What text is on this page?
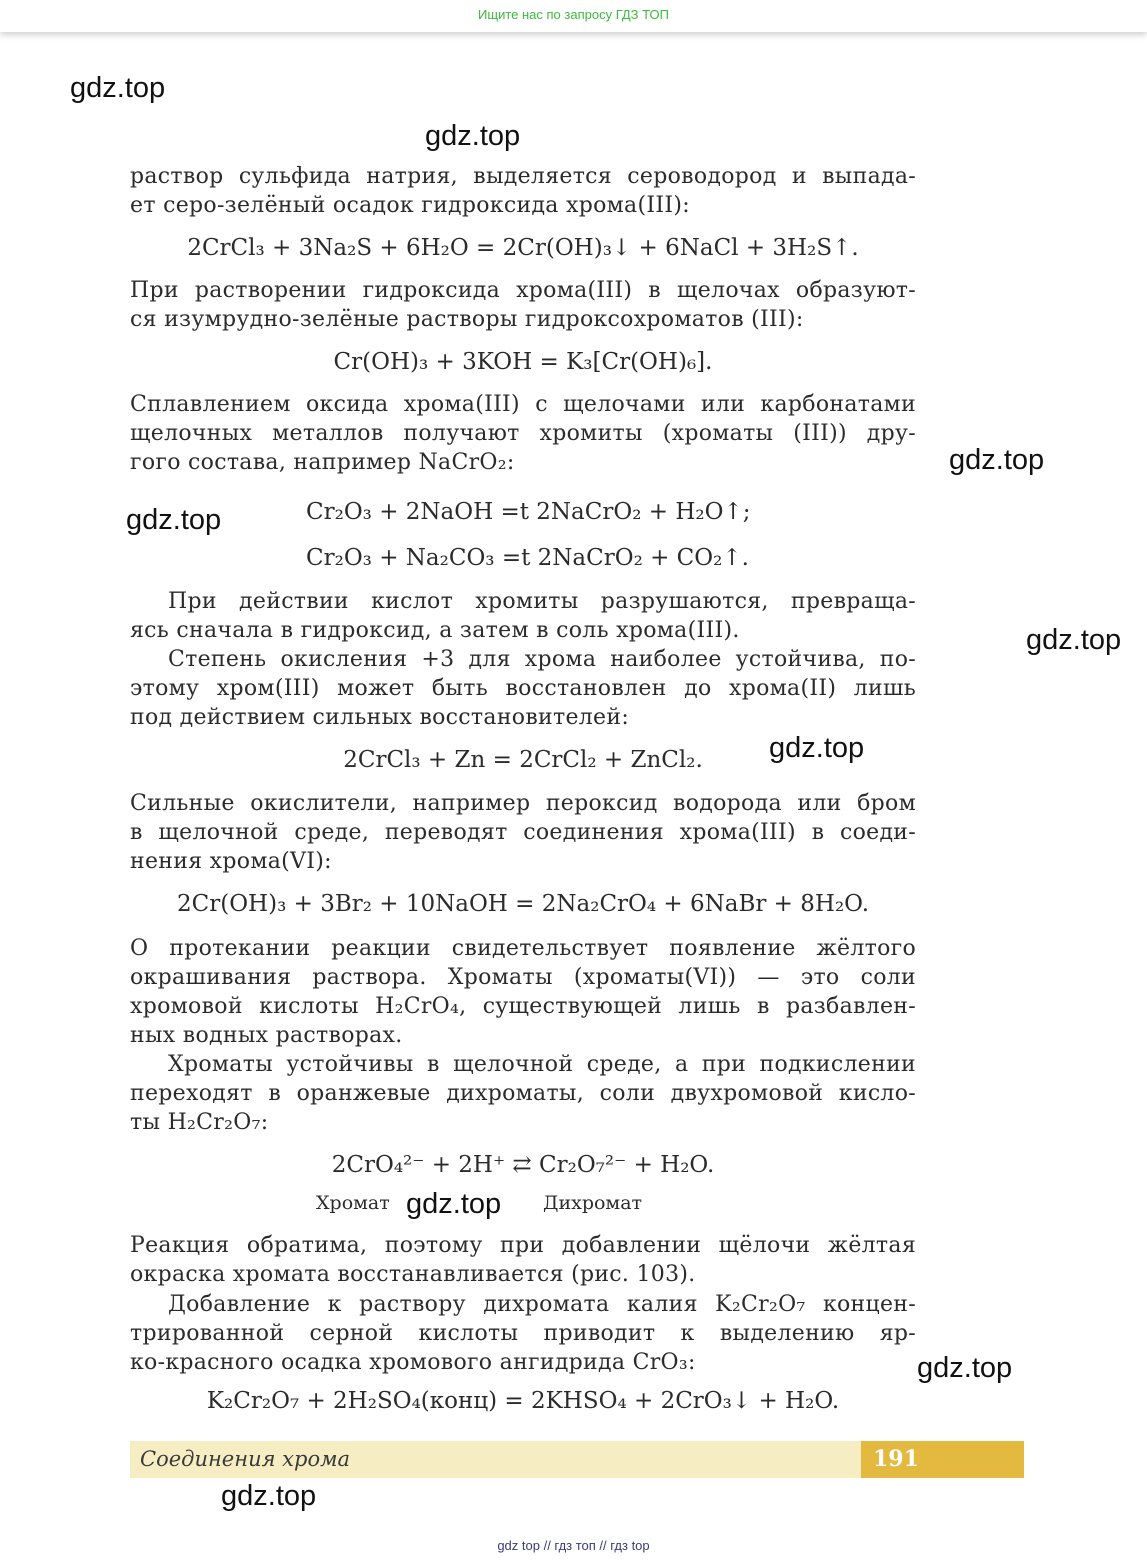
Ищите нас по запросу ГДЗ ТОП
gdz.top
gdz.top
gdz.top
gdz.top
gdz.top
gdz.top
gdz.top
gdz.top
gdz.top
раствор сульфида натрия, выделяется сероводород и выпада-
ет серо-зелёный осадок гидроксида хрома(III):
2CrCl₃ + 3Na₂S + 6H₂O = 2Cr(OH)₃↓ + 6NaCl + 3H₂S↑.
При растворении гидроксида хрома(III) в щелочах образуют-
ся изумрудно-зелёные растворы гидроксохроматов (III):
Cr(OH)₃ + 3KOH = K₃[Cr(OH)₆].
Сплавлением оксида хрома(III) с щелочами или карбонатами
щелочных металлов получают хромиты (хроматы (III)) дру-
гого состава, например NaCrO₂:
Cr₂O₃ + 2NaOH =t 2NaCrO₂ + H₂O↑;
Cr₂O₃ + Na₂CO₃ =t 2NaCrO₂ + CO₂↑.
При действии кислот хромиты разрушаются, превраща-
ясь сначала в гидроксид, а затем в соль хрома(III).
Степень окисления +3 для хрома наиболее устойчива, по-
этому хром(III) может быть восстановлен до хрома(II) лишь
под действием сильных восстановителей:
2CrCl₃ + Zn = 2CrCl₂ + ZnCl₂.
Сильные окислители, например пероксид водорода или бром
в щелочной среде, переводят соединения хрома(III) в соеди-
нения хрома(VI):
2Cr(OH)₃ + 3Br₂ + 10NaOH = 2Na₂CrO₄ + 6NaBr + 8H₂O.
О протекании реакции свидетельствует появление жёлтого
окрашивания раствора. Хроматы (хроматы(VI)) — это соли
хромовой кислоты H₂CrO₄, существующей лишь в разбавлен-
ных водных растворах.
Хроматы устойчивы в щелочной среде, а при подкислении
переходят в оранжевые дихроматы, соли двухромовой кисло-
ты H₂Cr₂O₇:
2CrO₄²⁻ + 2H⁺ ⇄ Cr₂O₇²⁻ + H₂O.
Хромат	Дихромат
Реакция обратима, поэтому при добавлении щёлочи жёлтая
окраска хромата восстанавливается (рис. 103).
Добавление к раствору дихромата калия K₂Cr₂O₇ концен-
трированной серной кислоты приводит к выделению яр-
ко-красного осадка хромового ангидрида CrO₃:
K₂Cr₂O₇ + 2H₂SO₄(конц) = 2KHSO₄ + 2CrO₃↓ + H₂O.
Соединения хрома	191
gdz top // гдз топ // гдз top
